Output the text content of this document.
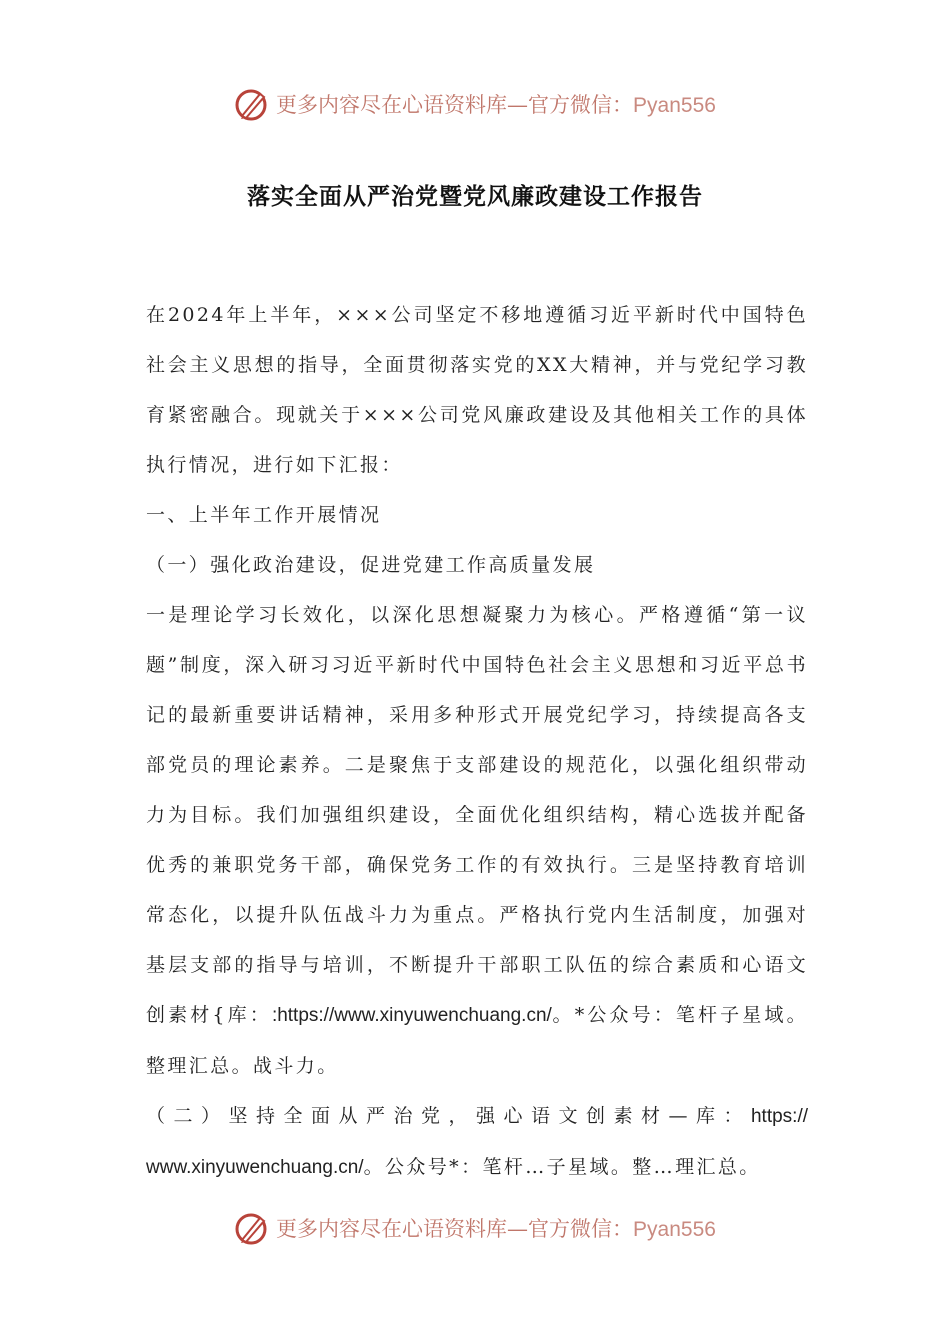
更多内容尽在心语资料库—官方微信：Pyan556
落实全面从严治党暨党风廉政建设工作报告

在2024年上半年，×××公司坚定不移地遵循习近平新时代中国特色社会主义思想的指导，全面贯彻落实党的XX大精神，并与党纪学习教育紧密融合。现就关于×××公司党风廉政建设及其他相关工作的具体执行情况，进行如下汇报：

一、上半年工作开展情况

（一）强化政治建设，促进党建工作高质量发展

一是理论学习长效化，以深化思想凝聚力为核心。严格遵循“第一议题”制度，深入研习习近平新时代中国特色社会主义思想和习近平总书记的最新重要讲话精神，采用多种形式开展党纪学习，持续提高各支部党员的理论素养。二是聚焦于支部建设的规范化，以强化组织带动力为目标。我们加强组织建设，全面优化组织结构，精心选拔并配备优秀的兼职党务干部，确保党务工作的有效执行。三是坚持教育培训常态化，以提升队伍战斗力为重点。严格执行党内生活制度，加强对基层支部的指导与培训，不断提升干部职工队伍的综合素质和心语文创素材{库：:https://www.xinyuwenchuang.cn/。*公众号：笔杆子星域。整理汇总。战斗力。

（二）坚持全面从严治党，强心语文创素材—库：https://

www.xinyuwenchuang.cn/。公众号*：笔杆…子星域。整…理汇总。

更多内容尽在心语资料库—官方微信：Pyan556
